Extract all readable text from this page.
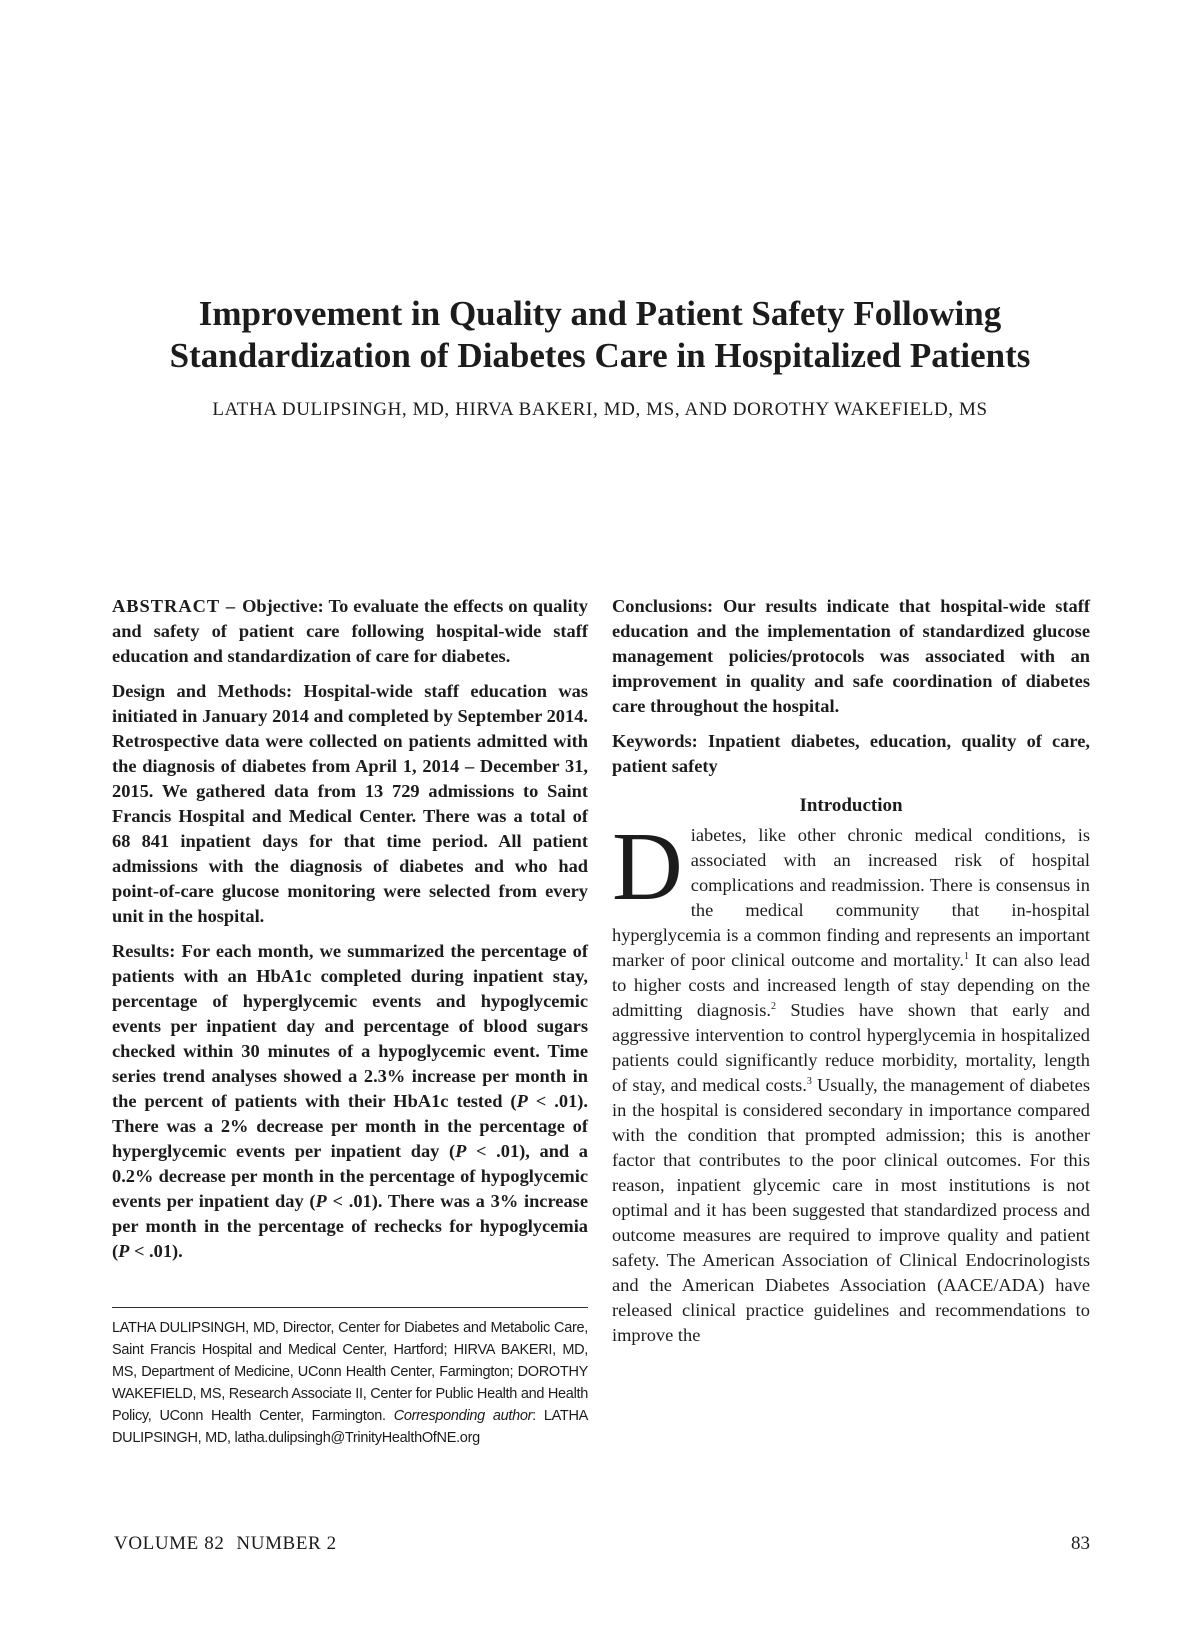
Improvement in Quality and Patient Safety Following
Standardization of Diabetes Care in Hospitalized Patients

LATHA DULIPSINGH, MD, HIRVA BAKERI, MD, MS, AND DOROTHY WAKEFIELD, MS

ABSTRACT – Objective: To evaluate the effects on quality and safety of patient care following hospital-wide staff education and standardization of care for diabetes.

Design and Methods: Hospital-wide staff education was initiated in January 2014 and completed by September 2014. Retrospective data were collected on patients admitted with the diagnosis of diabetes from April 1, 2014 – December 31, 2015. We gathered data from 13 729 admissions to Saint Francis Hospital and Medical Center. There was a total of 68 841 inpatient days for that time period. All patient admissions with the diagnosis of diabetes and who had point-of-care glucose monitoring were selected from every unit in the hospital.

Results: For each month, we summarized the percentage of patients with an HbA1c completed during inpatient stay, percentage of hyperglycemic events and hypoglycemic events per inpatient day and percentage of blood sugars checked within 30 minutes of a hypoglycemic event. Time series trend analyses showed a 2.3% increase per month in the percent of patients with their HbA1c tested (P < .01). There was a 2% decrease per month in the percentage of hyperglycemic events per inpatient day (P < .01), and a 0.2% decrease per month in the percentage of hypoglycemic events per inpatient day (P < .01). There was a 3% increase per month in the percentage of rechecks for hypoglycemia (P < .01).

Conclusions: Our results indicate that hospital-wide staff education and the implementation of standardized glucose management policies/protocols was associated with an improvement in quality and safe coordination of diabetes care throughout the hospital.

Keywords: Inpatient diabetes, education, quality of care, patient safety

Introduction

Diabetes, like other chronic medical conditions, is associated with an increased risk of hospital complications and readmission. There is consensus in the medical community that in-hospital hyperglycemia is a common finding and represents an important marker of poor clinical outcome and mortality.$^1$ It can also lead to higher costs and increased length of stay depending on the admitting diagnosis.$^2$ Studies have shown that early and aggressive intervention to control hyperglycemia in hospitalized patients could significantly reduce morbidity, mortality, length of stay, and medical costs.$^3$ Usually, the management of diabetes in the hospital is considered secondary in importance compared with the condition that prompted admission; this is another factor that contributes to the poor clinical outcomes. For this reason, inpatient glycemic care in most institutions is not optimal and it has been suggested that standardized process and outcome measures are required to improve quality and patient safety. The American Association of Clinical Endocrinologists and the American Diabetes Association (AACE/ADA) have released clinical practice guidelines and recommendations to improve the

LATHA DULIPSINGH, MD, Director, Center for Diabetes and Metabolic Care, Saint Francis Hospital and Medical Center, Hartford; HIRVA BAKERI, MD, MS, Department of Medicine, UConn Health Center, Farmington; DOROTHY WAKEFIELD, MS, Research Associate II, Center for Public Health and Health Policy, UConn Health Center, Farmington. Corresponding author: LATHA DULIPSINGH, MD, latha.dulipsingh@TrinityHealthOfNE.org

VOLUME 82 NUMBER 2	83
